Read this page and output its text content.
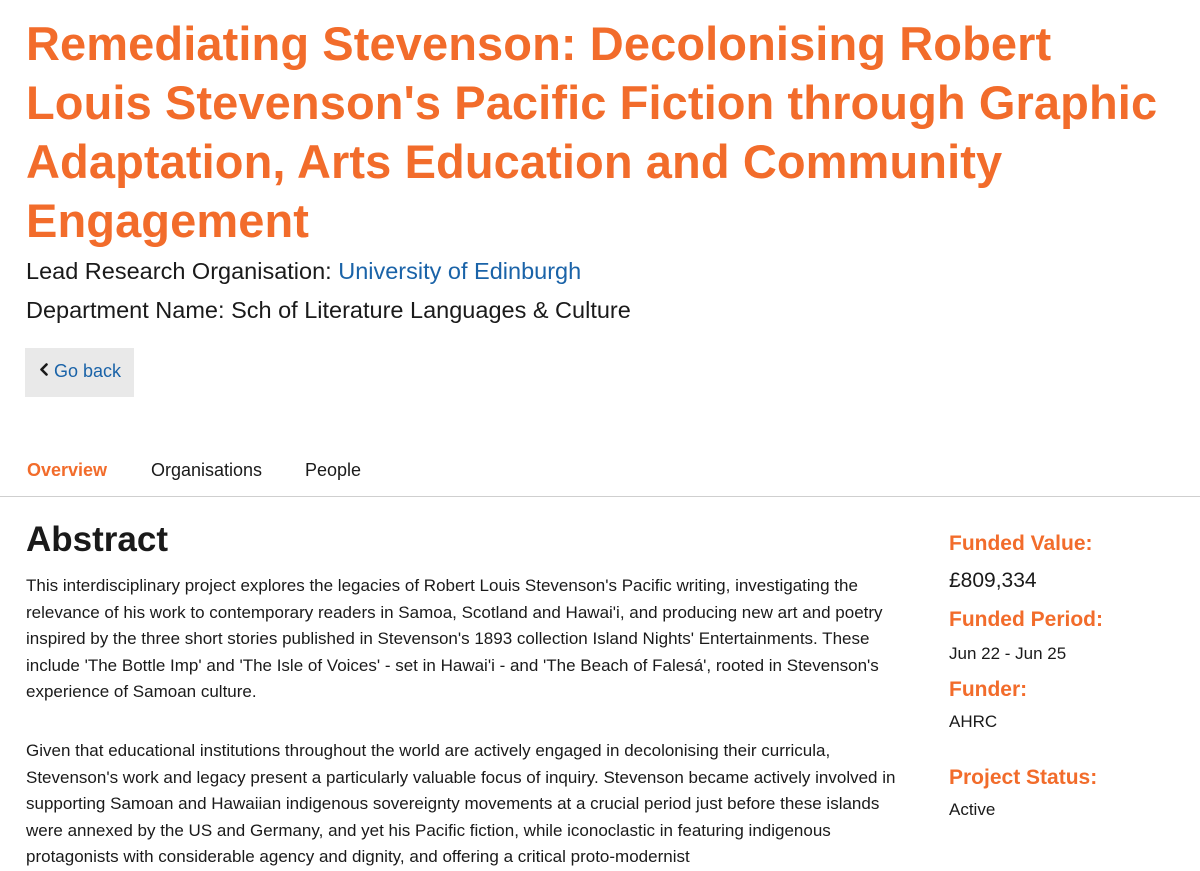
Remediating Stevenson: Decolonising Robert Louis Stevenson's Pacific Fiction through Graphic Adaptation, Arts Education and Community Engagement
Lead Research Organisation: University of Edinburgh
Department Name: Sch of Literature Languages & Culture
Go back
Overview Organisations People
Abstract

This interdisciplinary project explores the legacies of Robert Louis Stevenson's Pacific writing, investigating the relevance of his work to contemporary readers in Samoa, Scotland and Hawai'i, and producing new art and poetry inspired by the three short stories published in Stevenson's 1893 collection Island Nights' Entertainments. These include 'The Bottle Imp' and 'The Isle of Voices' - set in Hawai'i - and 'The Beach of Falesá', rooted in Stevenson's experience of Samoan culture.

Given that educational institutions throughout the world are actively engaged in decolonising their curricula, Stevenson's work and legacy present a particularly valuable focus of inquiry. Stevenson became actively involved in supporting Samoan and Hawaiian indigenous sovereignty movements at a crucial period just before these islands were annexed by the US and Germany, and yet his Pacific fiction, while iconoclastic in featuring indigenous protagonists with considerable agency and dignity, and offering a critical proto-modernist

Funded Value:
£809,334
Funded Period:
Jun 22 - Jun 25
Funder:
AHRC
Project Status:
Active
